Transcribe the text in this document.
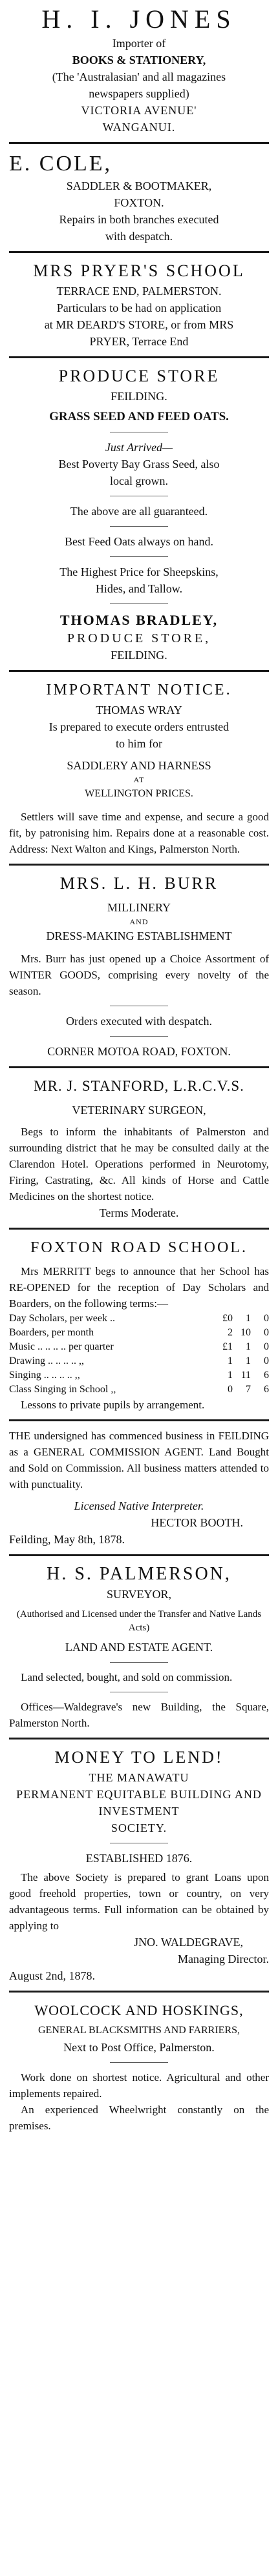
H. I. JONES

Importer of

BOOKS & STATIONERY,

(The 'Australasian' and all magazines

newspapers supplied)

VICTORIA AVENUE'

WANGANUI.

E. COLE,

SADDLER & BOOTMAKER,

FOXTON.

Repairs in both branches executed

with despatch.

MRS PRYER'S SCHOOL

TERRACE END, PALMERSTON.

Particulars to be had on application

at MR DEARD'S STORE, or from MRS

PRYER, Terrace End

PRODUCE STORE

FEILDING.

GRASS SEED AND FEED OATS.

Just Arrived—

Best Poverty Bay Grass Seed, also

local grown.

The above are all guaranteed.

Best Feed Oats always on hand.

The Highest Price for Sheepskins,

Hides, and Tallow.

THOMAS BRADLEY,

PRODUCE STORE,

FEILDING.

IMPORTANT NOTICE.

THOMAS WRAY

Is prepared to execute orders entrusted

to him for

SADDLERY AND HARNESS

AT

WELLINGTON PRICES.

Settlers will save time and expense, and secure a good fit, by patronising him. Repairs done at a reasonable cost. Address: Next Walton and Kings, Palmerston North.

MRS. L. H. BURR

MILLINERY

AND

DRESS-MAKING ESTABLISHMENT

Mrs. Burr has just opened up a Choice Assortment of WINTER GOODS, comprising every novelty of the season.

Orders executed with despatch.

CORNER MOTOA ROAD, FOXTON.

MR. J. STANFORD, L.R.C.V.S.

VETERINARY SURGEON,

Begs to inform the inhabitants of Palmerston and surrounding district that he may be consulted daily at the Clarendon Hotel. Operations performed in Neurotomy, Firing, Castrating, &c. All kinds of Horse and Cattle Medicines on the shortest notice.

Terms Moderate.

FOXTON ROAD SCHOOL.

Mrs MERRITT begs to announce that her School has RE-OPENED for the reception of Day Scholars and Boarders, on the following terms:—

Day Scholars, per week ..	£0	1	0
Boarders, per month	2	10	0
Music .. .. .. .. per quarter	£1	1	0
Drawing .. .. .. .. ,,	1	1	0
Singing .. .. .. .. ,,	1	11	6
Class Singing in School ,,	0	7	6

Lessons to private pupils by arrangement.

THE undersigned has commenced business in FEILDING as a GENERAL COMMISSION AGENT. Land Bought and Sold on Commission. All business matters attended to with punctuality.

Licensed Native Interpreter.

HECTOR BOOTH.

Feilding, May 8th, 1878.

H. S. PALMERSON,

SURVEYOR,

(Authorised and Licensed under the Transfer and Native Lands Acts)

LAND AND ESTATE AGENT.

Land selected, bought, and sold on commission.

Offices—Waldegrave's new Building, the Square, Palmerston North.

MONEY TO LEND!

THE MANAWATU

PERMANENT EQUITABLE BUILDING AND INVESTMENT

SOCIETY.

ESTABLISHED 1876.

The above Society is prepared to grant Loans upon good freehold properties, town or country, on very advantageous terms. Full information can be obtained by applying to

JNO. WALDEGRAVE,

Managing Director.

August 2nd, 1878.

WOOLCOCK AND HOSKINGS,

GENERAL BLACKSMITHS AND FARRIERS,

Next to Post Office, Palmerston.

Work done on shortest notice. Agricultural and other implements repaired.

An experienced Wheelwright constantly on the premises.
